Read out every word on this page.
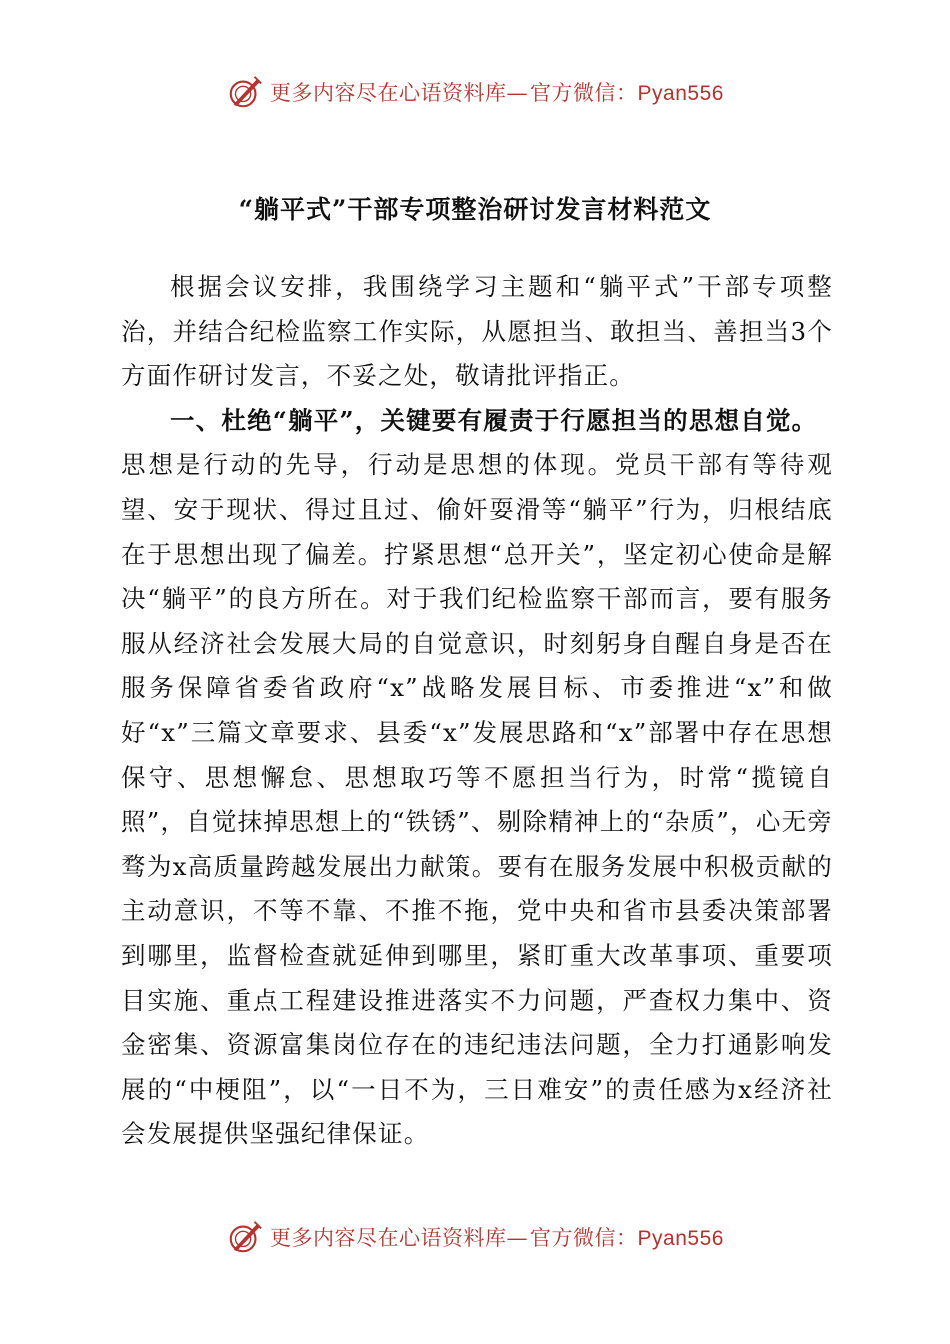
更多内容尽在心语资料库—官方微信：Pyan556
“躺平式”干部专项整治研讨发言材料范文

根据会议安排，我围绕学习主题和“躺平式”干部专项整治，并结合纪检监察工作实际，从愿担当、敢担当、善担当3个方面作研讨发言，不妥之处，敬请批评指正。

一、杜绝“躺平”，关键要有履责于行愿担当的思想自觉。

思想是行动的先导，行动是思想的体现。党员干部有等待观望、安于现状、得过且过、偷奸耍滑等“躺平”行为，归根结底在于思想出现了偏差。拧紧思想“总开关”，坚定初心使命是解决“躺平”的良方所在。对于我们纪检监察干部而言，要有服务服从经济社会发展大局的自觉意识，时刻躬身自醒自身是否在服务保障省委省政府“x”战略发展目标、市委推进“x”和做好“x”三篇文章要求、县委“x”发展思路和“x”部署中存在思想保守、思想懈怠、思想取巧等不愿担当行为，时常“揽镜自照”，自觉抹掉思想上的“铁锈”、剔除精神上的“杂质”，心无旁骛为x高质量跨越发展出力献策。要有在服务发展中积极贡献的主动意识，不等不靠、不推不拖，党中央和省市县委决策部署到哪里，监督检查就延伸到哪里，紧盯重大改革事项、重要项目实施、重点工程建设推进落实不力问题，严查权力集中、资金密集、资源富集岗位存在的违纪违法问题，全力打通影响发展的“中梗阻”，以“一日不为，三日难安”的责任感为x经济社会发展提供坚强纪律保证。

更多内容尽在心语资料库—官方微信：Pyan556
